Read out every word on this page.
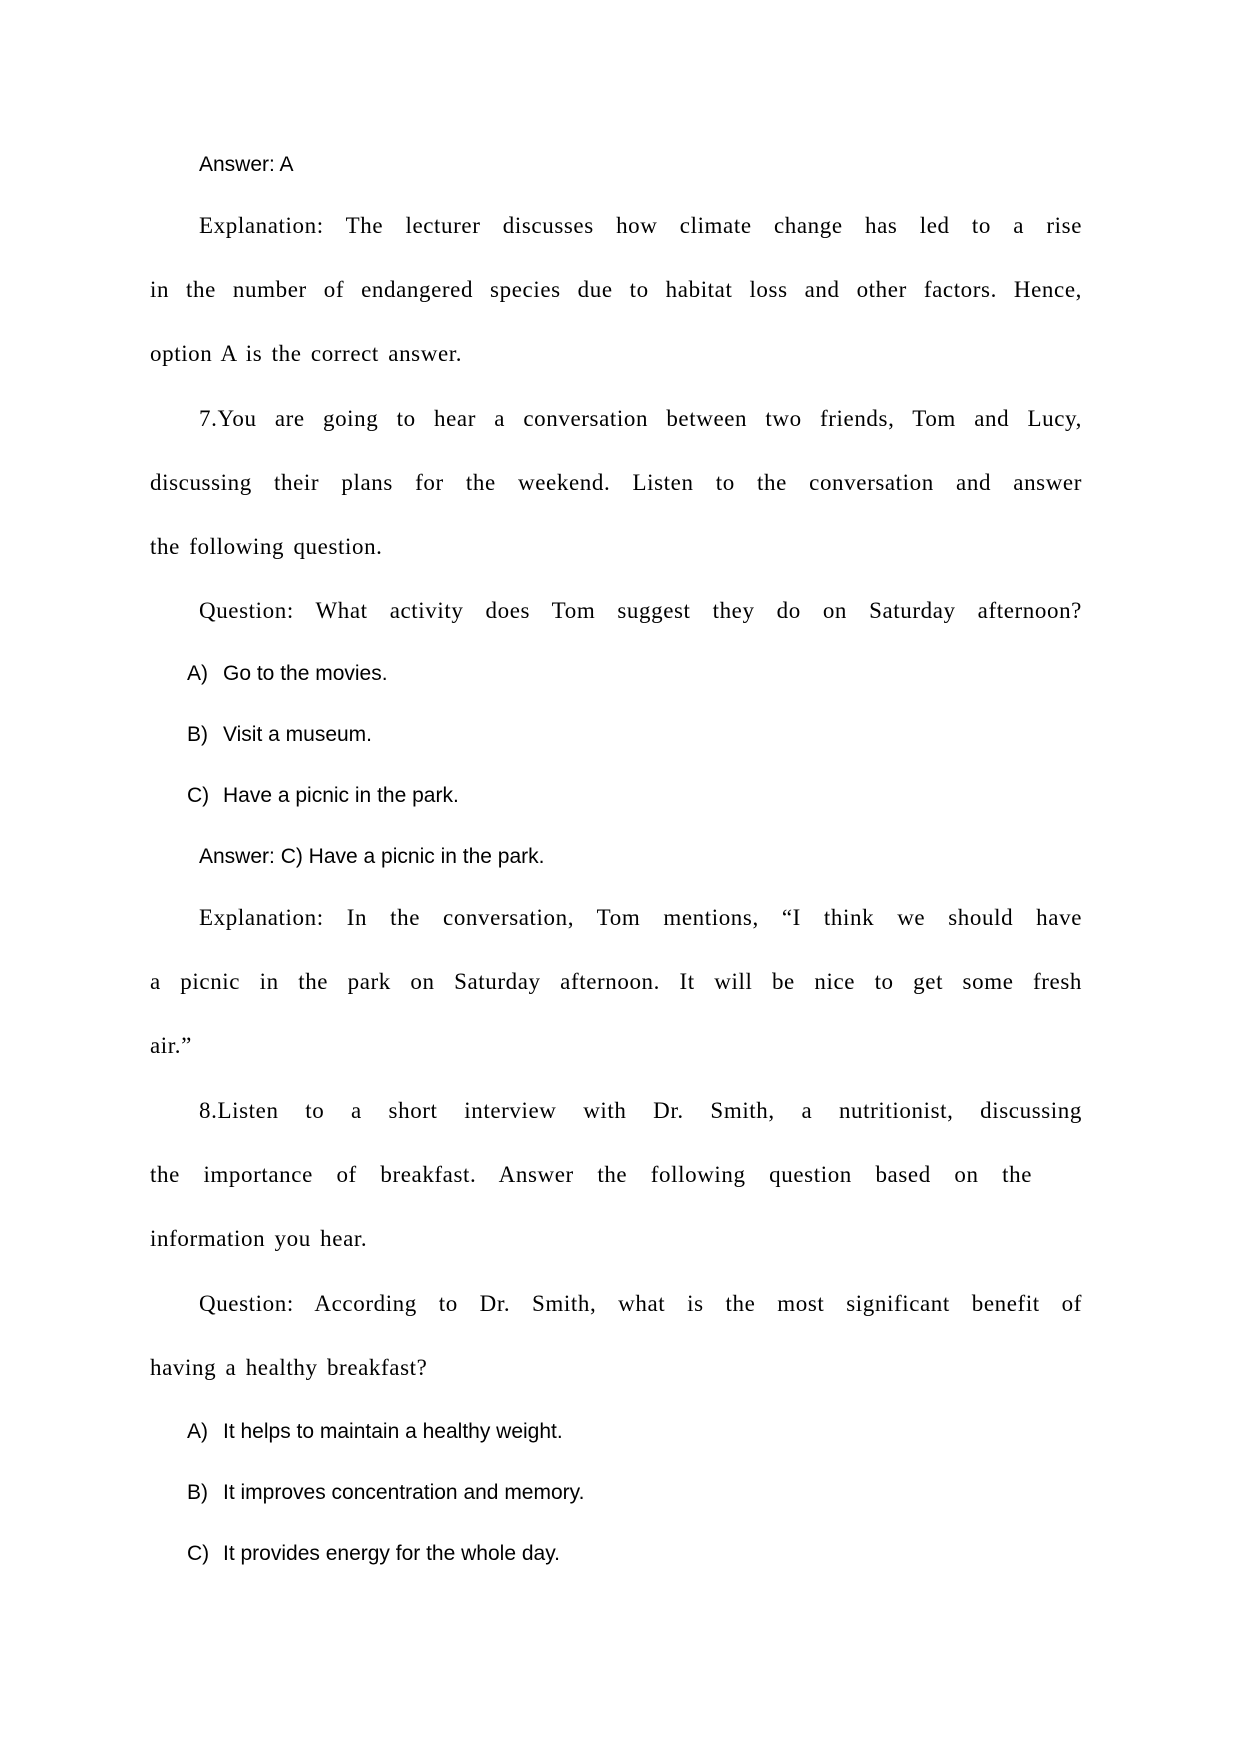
Answer: A
Explanation: The lecturer discusses how climate change has led to a rise
in the number of endangered species due to habitat loss and other factors. Hence,
option A is the correct answer.
7.You are going to hear a conversation between two friends, Tom and Lucy,
discussing their plans for the weekend. Listen to the conversation and answer
the following question.
Question: What activity does Tom suggest they do on Saturday afternoon?
A) Go to the movies.
B) Visit a museum.
C) Have a picnic in the park.
Answer: C) Have a picnic in the park.
Explanation: In the conversation, Tom mentions, “I think we should have
a picnic in the park on Saturday afternoon. It will be nice to get some fresh
air.”
8.Listen to a short interview with Dr. Smith, a nutritionist, discussing
the importance of breakfast. Answer the following question based on the
information you hear.
Question: According to Dr. Smith, what is the most significant benefit of
having a healthy breakfast?
A) It helps to maintain a healthy weight.
B) It improves concentration and memory.
C) It provides energy for the whole day.
